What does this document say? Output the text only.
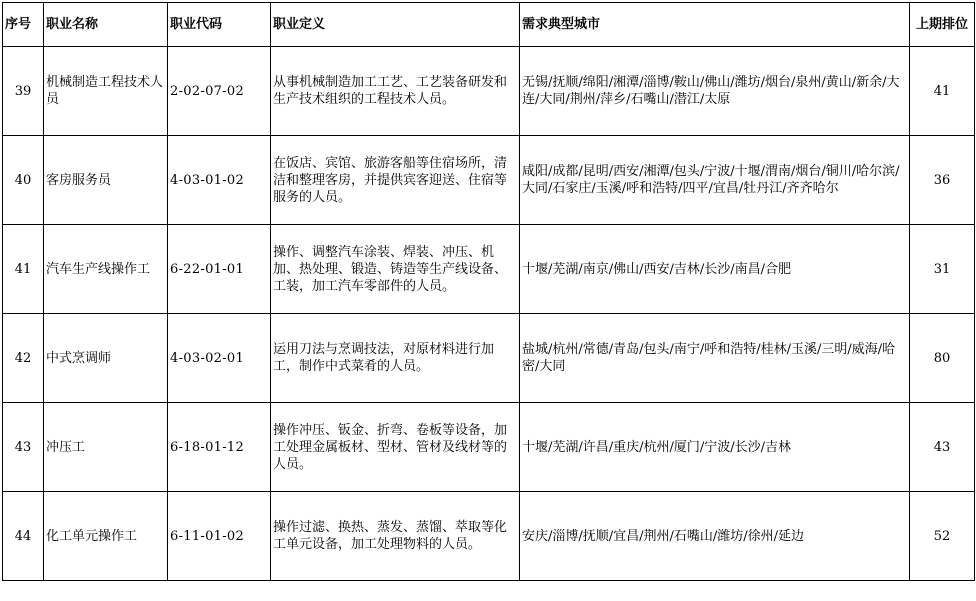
序号	职业名称	职业代码	职业定义	需求典型城市	上期排位
39	机械制造工程技术人员	2-02-07-02	从事机械制造加工工艺、工艺装备研发和生产技术组织的工程技术人员。	无锡/抚顺/绵阳/湘潭/淄博/鞍山/佛山/潍坊/烟台/泉州/黄山/新余/大连/大同/荆州/萍乡/石嘴山/潜江/太原	41
40	客房服务员	4-03-01-02	在饭店、宾馆、旅游客船等住宿场所，清洁和整理客房，并提供宾客迎送、住宿等服务的人员。	咸阳/成都/昆明/西安/湘潭/包头/宁波/十堰/渭南/烟台/铜川/哈尔滨/大同/石家庄/玉溪/呼和浩特/四平/宜昌/牡丹江/齐齐哈尔	36
41	汽车生产线操作工	6-22-01-01	操作、调整汽车涂装、焊装、冲压、机加、热处理、锻造、铸造等生产线设备、工装，加工汽车零部件的人员。	十堰/芜湖/南京/佛山/西安/吉林/长沙/南昌/合肥	31
42	中式烹调师	4-03-02-01	运用刀法与烹调技法，对原材料进行加工，制作中式菜肴的人员。	盐城/杭州/常德/青岛/包头/南宁/呼和浩特/桂林/玉溪/三明/威海/哈密/大同	80
43	冲压工	6-18-01-12	操作冲压、钣金、折弯、卷板等设备，加工处理金属板材、型材、管材及线材等的人员。	十堰/芜湖/许昌/重庆/杭州/厦门/宁波/长沙/吉林	43
44	化工单元操作工	6-11-01-02	操作过滤、换热、蒸发、蒸馏、萃取等化工单元设备，加工处理物料的人员。	安庆/淄博/抚顺/宜昌/荆州/石嘴山/潍坊/徐州/延边	52
